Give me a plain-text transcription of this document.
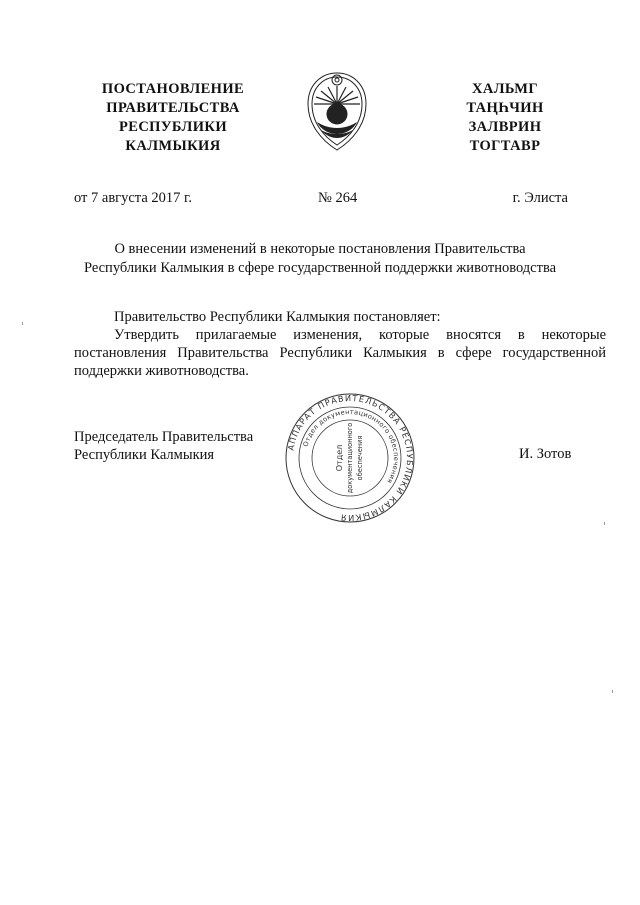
ПОСТАНОВЛЕНИЕ
ПРАВИТЕЛЬСТВА
РЕСПУБЛИКИ
КАЛМЫКИЯ
ХАЛЬМГ
ТАҢҺЧИН
ЗАЛВРИН
ТОГТАВР
от 7 августа 2017 г.	№ 264	г. Элиста
О внесении изменений в некоторые постановления Правительства
Республики Калмыкия в сфере государственной поддержки животноводства
Правительство Республики Калмыкия постановляет:
Утвердить прилагаемые изменения, которые вносятся в некоторые
постановления Правительства Республики Калмыкия в сфере государственной
поддержки животноводства.
Председатель Правительства
Республики Калмыкия	И. Зотов
АППАРАТ ПРАВИТЕЛЬСТВА РЕСПУБЛИКИ КАЛМЫКИЯ
Отдел документационного обеспечения
Отдел документационного обеспечения
